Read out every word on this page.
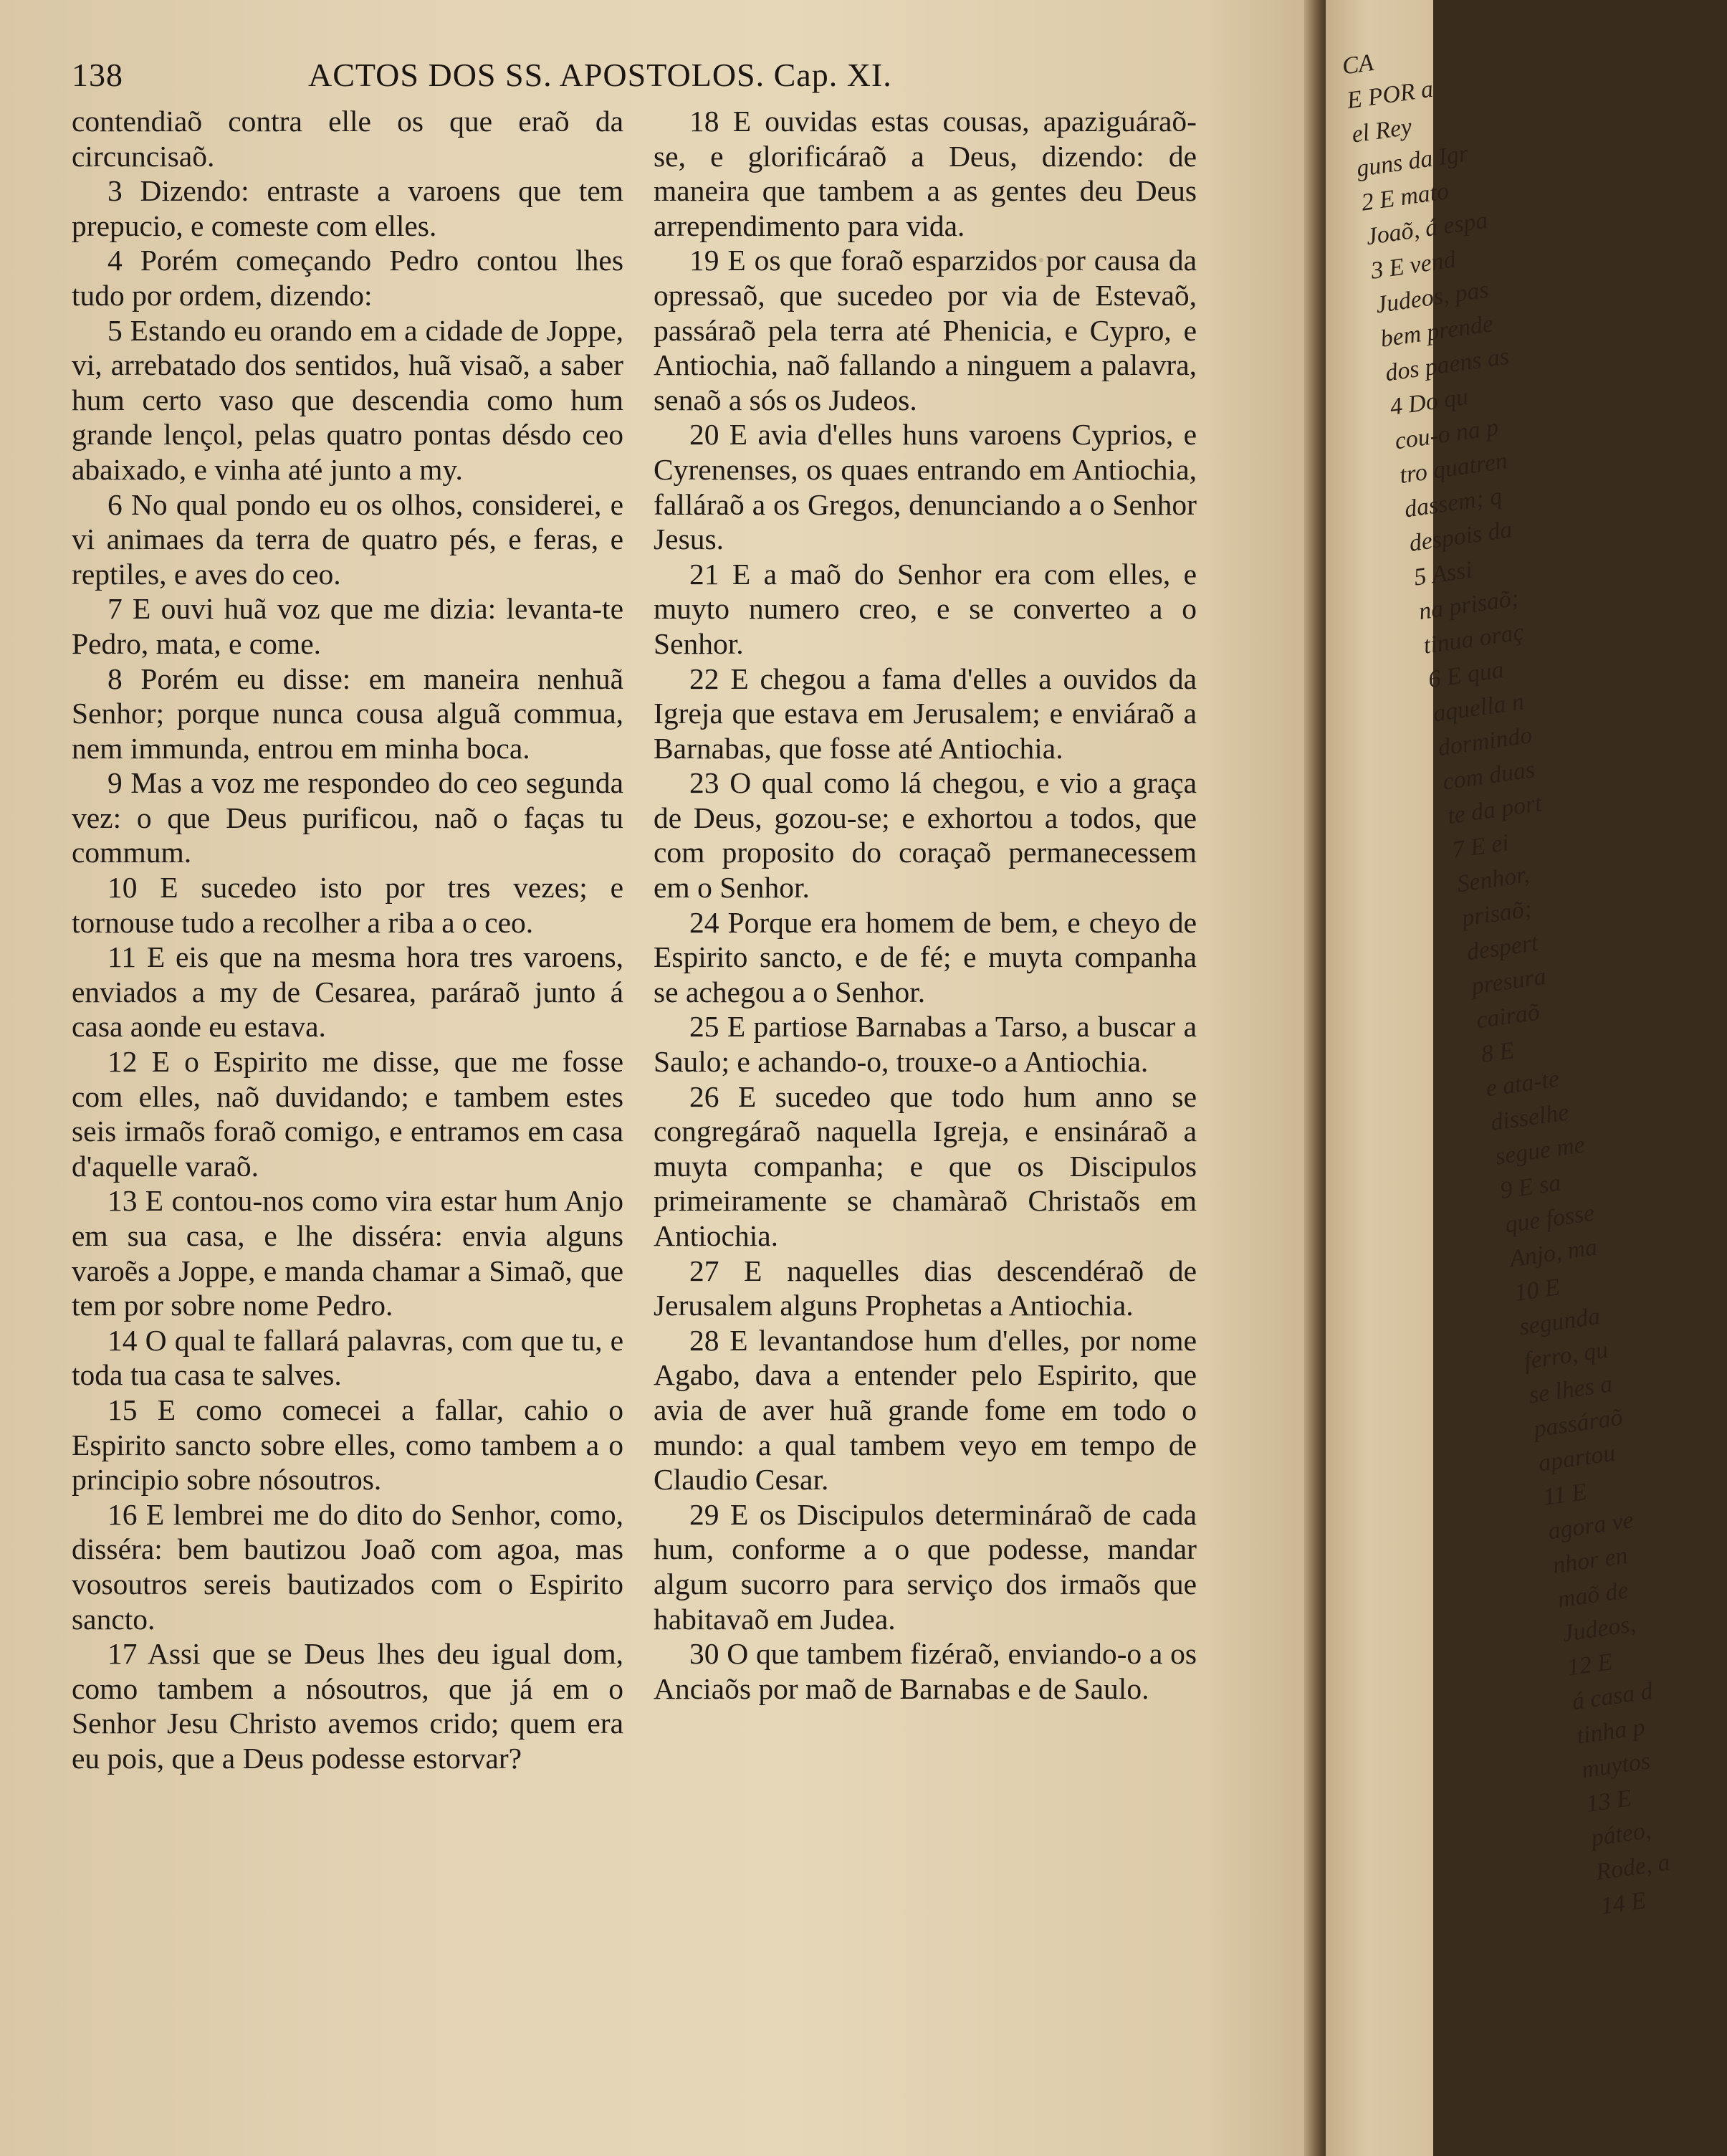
138	ACTOS DOS SS. APOSTOLOS. Cap. XI.

contendiaõ contra elle os que eraõ da circuncisaõ.

3 Dizendo: entraste a varoens que tem prepucio, e comeste com elles.

4 Porém começando Pedro contou lhes tudo por ordem, dizendo:

5 Estando eu orando em a cidade de Joppe, vi, arrebatado dos sentidos, huã visaõ, a saber hum certo vaso que descendia como hum grande lençol, pelas quatro pontas désdo ceo abaixado, e vinha até junto a my.

6 No qual pondo eu os olhos, considerei, e vi animaes da terra de quatro pés, e feras, e reptiles, e aves do ceo.

7 E ouvi huã voz que me dizia: levanta-te Pedro, mata, e come.

8 Porém eu disse: em maneira nenhuã Senhor; porque nunca cousa alguã commua, nem immunda, entrou em minha boca.

9 Mas a voz me respondeo do ceo segunda vez: o que Deus purificou, naõ o faças tu commum.

10 E sucedeo isto por tres vezes; e tornouse tudo a recolher a riba a o ceo.

11 E eis que na mesma hora tres varoens, enviados a my de Cesarea, paráraõ junto á casa aonde eu estava.

12 E o Espirito me disse, que me fosse com elles, naõ duvidando; e tambem estes seis irmaõs foraõ comigo, e entramos em casa d'aquelle varaõ.

13 E contou-nos como vira estar hum Anjo em sua casa, e lhe disséra: envia alguns varoẽs a Joppe, e manda chamar a Simaõ, que tem por sobre nome Pedro.

14 O qual te fallará palavras, com que tu, e toda tua casa te salves.

15 E como comecei a fallar, cahio o Espirito sancto sobre elles, como tambem a o principio sobre nósoutros.

16 E lembrei me do dito do Senhor, como, disséra: bem bautizou Joaõ com agoa, mas vosoutros sereis bautizados com o Espirito sancto.

17 Assi que se Deus lhes deu igual dom, como tambem a nósoutros, que já em o Senhor Jesu Christo avemos crido; quem era eu pois, que a Deus podesse estorvar?

18 E ouvidas estas cousas, apaziguáraõ-se, e glorificáraõ a Deus, dizendo: de maneira que tambem a as gentes deu Deus arrependimento para vida.

19 E os que foraõ esparzidos por causa da opressaõ, que sucedeo por via de Estevaõ, passáraõ pela terra até Phenicia, e Cypro, e Antiochia, naõ fallando a ninguem a palavra, senaõ a sós os Judeos.

20 E avia d'elles huns varoens Cyprios, e Cyrenenses, os quaes entrando em Antiochia, falláraõ a os Gregos, denunciando a o Senhor Jesus.

21 E a maõ do Senhor era com elles, e muyto numero creo, e se converteo a o Senhor.

22 E chegou a fama d'elles a ouvidos da Igreja que estava em Jerusalem; e enviáraõ a Barnabas, que fosse até Antiochia.

23 O qual como lá chegou, e vio a graça de Deus, gozou-se; e exhortou a todos, que com proposito do coraçaõ permanecessem em o Senhor.

24 Porque era homem de bem, e cheyo de Espirito sancto, e de fé; e muyta companha se achegou a o Senhor.

25 E partiose Barnabas a Tarso, a buscar a Saulo; e achando-o, trouxe-o a Antiochia.

26 E sucedeo que todo hum anno se congregáraõ naquella Igreja, e ensináraõ a muyta companha; e que os Discipulos primeiramente se chamàraõ Christaõs em Antiochia.

27 E naquelles dias descendéraõ de Jerusalem alguns Prophetas a Antiochia.

28 E levantandose hum d'elles, por nome Agabo, dava a entender pelo Espirito, que avia de aver huã grande fome em todo o mundo: a qual tambem veyo em tempo de Claudio Cesar.

29 E os Discipulos determináraõ de cada hum, conforme a o que podesse, mandar algum sucorro para serviço dos irmaõs que habitavaõ em Judea.

30 O que tambem fizéraõ, enviando-o a os Anciaõs por maõ de Barnabas e de Saulo.

CA
E POR a
el Rey
guns da Igr
2 E mato
Joaõ, á espa
3 E vend
Judeos, pas
bem prende
dos paens as
4 Do qu
cou-o na p
tro quatren
dassem; q
despois da
5 Assi
na prisaõ;
tinua oraç
6 E qua
aquella n
dormindo
com duas
te da port
7 E ei
Senhor,
prisaõ;
despert
presura
cairaõ
8 E
e ata-te
disselhe
segue me
9 E sa
que fosse
Anjo, ma
10 E
segunda
ferro, qu
se lhes a
passáraõ
apartou
11 E
agora ve
nhor en
maõ de
Judeos,
12 E
á casa d
tinha p
muytos
13 E
páteo,
Rode, a
14 E
